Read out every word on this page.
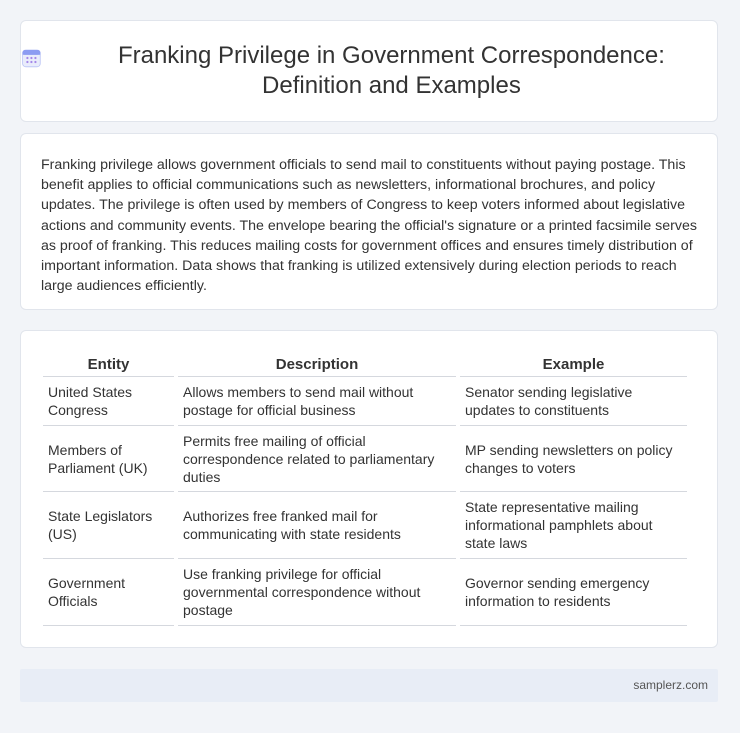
Franking Privilege in Government Correspondence: Definition and Examples

Franking privilege allows government officials to send mail to constituents without paying postage. This benefit applies to official communications such as newsletters, informational brochures, and policy updates. The privilege is often used by members of Congress to keep voters informed about legislative actions and community events. The envelope bearing the official's signature or a printed facsimile serves as proof of franking. This reduces mailing costs for government offices and ensures timely distribution of important information. Data shows that franking is utilized extensively during election periods to reach large audiences efficiently.

Entity	Description	Example
United States Congress	Allows members to send mail without postage for official business	Senator sending legislative updates to constituents
Members of Parliament (UK)	Permits free mailing of official correspondence related to parliamentary duties	MP sending newsletters on policy changes to voters
State Legislators (US)	Authorizes free franked mail for communicating with state residents	State representative mailing informational pamphlets about state laws
Government Officials	Use franking privilege for official governmental correspondence without postage	Governor sending emergency information to residents
samplerz.com
